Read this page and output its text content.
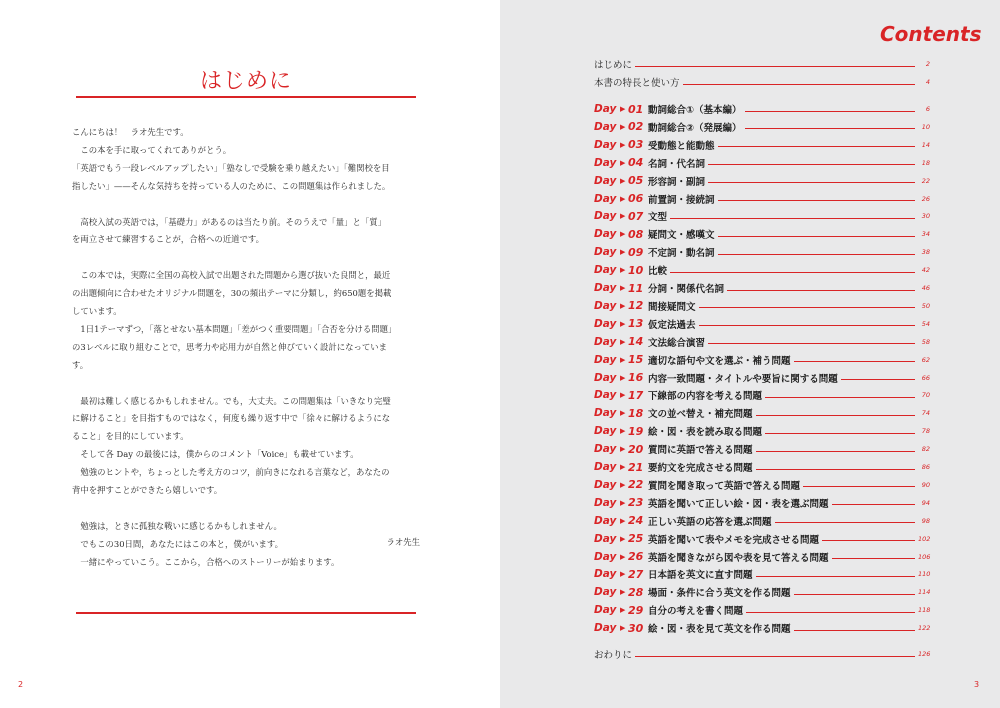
はじめに

こんにちは！　ラオ先生です。

　この本を手に取ってくれてありがとう。

「英語でもう一段レベルアップしたい」「塾なしで受験を乗り越えたい」「難関校を目

指したい」——そんな気持ちを持っている人のために、この問題集は作られました。

　高校入試の英語では，「基礎力」があるのは当たり前。そのうえで「量」と「質」

を両立させて練習することが，合格への近道です。

　この本では，実際に全国の高校入試で出題された問題から選び抜いた良問と，最近

の出題傾向に合わせたオリジナル問題を，30の頻出テーマに分類し，約650題を掲載

しています。

　1日1テーマずつ，「落とせない基本問題」「差がつく重要問題」「合否を分ける問題」

の3レベルに取り組むことで，思考力や応用力が自然と伸びていく設計になっていま

す。

　最初は難しく感じるかもしれません。でも，大丈夫。この問題集は「いきなり完璧

に解けること」を目指すものではなく，何度も繰り返す中で「徐々に解けるようにな

ること」を目的にしています。

　そして各 Day の最後には，僕からのコメント「Voice」も載せています。

　勉強のヒントや，ちょっとした考え方のコツ，前向きになれる言葉など，あなたの

背中を押すことができたら嬉しいです。

　勉強は，ときに孤独な戦いに感じるかもしれません。

　でもこの30日間，あなたにはこの本と，僕がいます。

　一緒にやっていこう。ここから，合格へのストーリーが始まります。

ラオ先生
2
Contents
3
はじめに	2
本書の特長と使い方	4
Day ▶ 01 動詞総合①（基本編）	6
Day ▶ 02 動詞総合②（発展編）	10
Day ▶ 03 受動態と能動態	14
Day ▶ 04 名詞・代名詞	18
Day ▶ 05 形容詞・副詞	22
Day ▶ 06 前置詞・接続詞	26
Day ▶ 07 文型	30
Day ▶ 08 疑問文・感嘆文	34
Day ▶ 09 不定詞・動名詞	38
Day ▶ 10 比較	42
Day ▶ 11 分詞・関係代名詞	46
Day ▶ 12 間接疑問文	50
Day ▶ 13 仮定法過去	54
Day ▶ 14 文法総合演習	58
Day ▶ 15 適切な語句や文を選ぶ・補う問題	62
Day ▶ 16 内容一致問題・タイトルや要旨に関する問題	66
Day ▶ 17 下線部の内容を考える問題	70
Day ▶ 18 文の並べ替え・補充問題	74
Day ▶ 19 絵・図・表を読み取る問題	78
Day ▶ 20 質問に英語で答える問題	82
Day ▶ 21 要約文を完成させる問題	86
Day ▶ 22 質問を聞き取って英語で答える問題	90
Day ▶ 23 英語を聞いて正しい絵・図・表を選ぶ問題	94
Day ▶ 24 正しい英語の応答を選ぶ問題	98
Day ▶ 25 英語を聞いて表やメモを完成させる問題	102
Day ▶ 26 英語を聞きながら図や表を見て答える問題	106
Day ▶ 27 日本語を英文に直す問題	110
Day ▶ 28 場面・条件に合う英文を作る問題	114
Day ▶ 29 自分の考えを書く問題	118
Day ▶ 30 絵・図・表を見て英文を作る問題	122
おわりに	126
